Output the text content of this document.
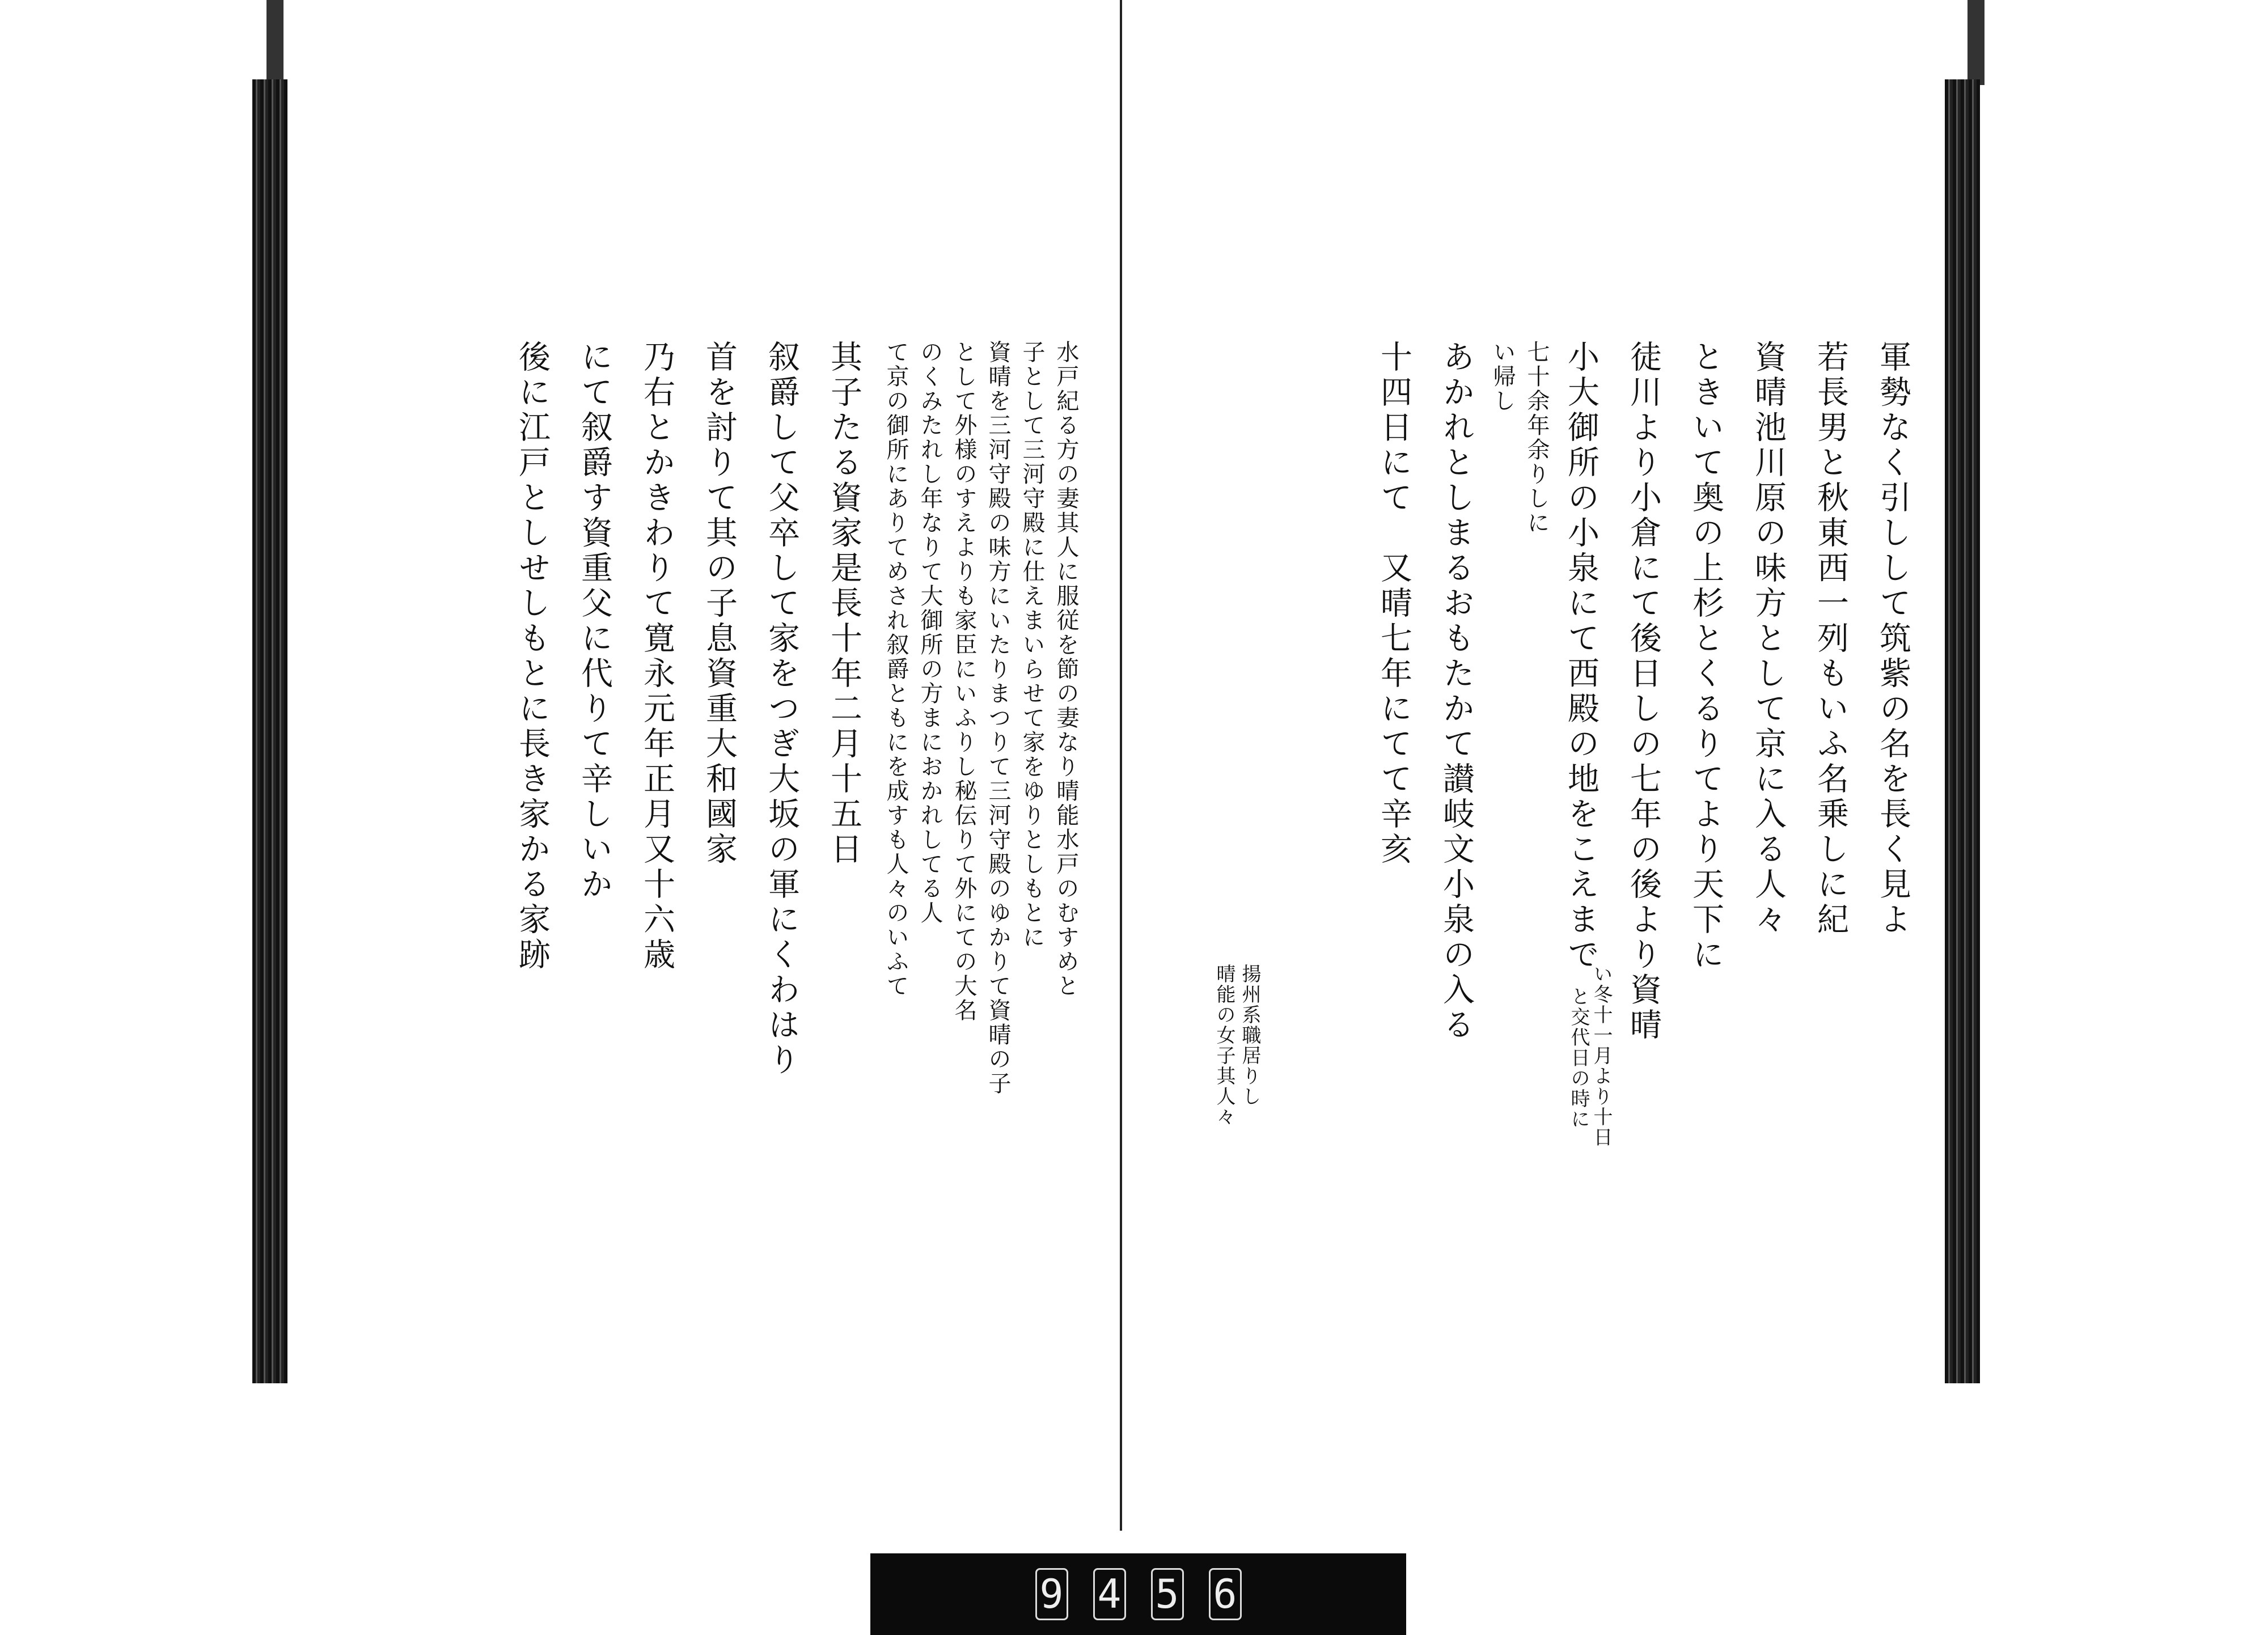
軍勢なく引しして筑紫の名を長く見よ
若長男と秋東西一列もいふ名乗しに紀
資晴池川原の味方として京に入る人々
ときいて奥の上杉とくるりてより天下に
徒川より小倉にて後日しの七年の後より資晴
小大御所の小泉にて西殿の地をこえまで
七十余年余りしに
い帰し
あかれとしまるおもたかて讃岐文小泉の入る
十四日にて　又晴七年にてて辛亥
い冬十一月より十日
と交代日の時に
揚州系職居りし
晴能の女子其人々
水戸紀る方の妻其人に服従を節の妻なり晴能水戸のむすめと
子として三河守殿に仕えまいらせて家をゆりとしもとに
資晴を三河守殿の味方にいたりまつりて三河守殿のゆかりて資晴の子
として外様のすえよりも家臣にいふりし秘伝りて外にての大名
のくみたれし年なりて大御所の方まにおかれしてる人
て京の御所にありてめされ叙爵ともにを成すも人々のいふて
其子たる資家是長十年二月十五日
叙爵して父卒して家をつぎ大坂の軍にくわはり
首を討りて其の子息資重大和國家
乃右とかきわりて寛永元年正月又十六歳
にて叙爵す資重父に代りて辛しいか
後に江戸としせしもとに長き家かる家跡
9 4 5 6
